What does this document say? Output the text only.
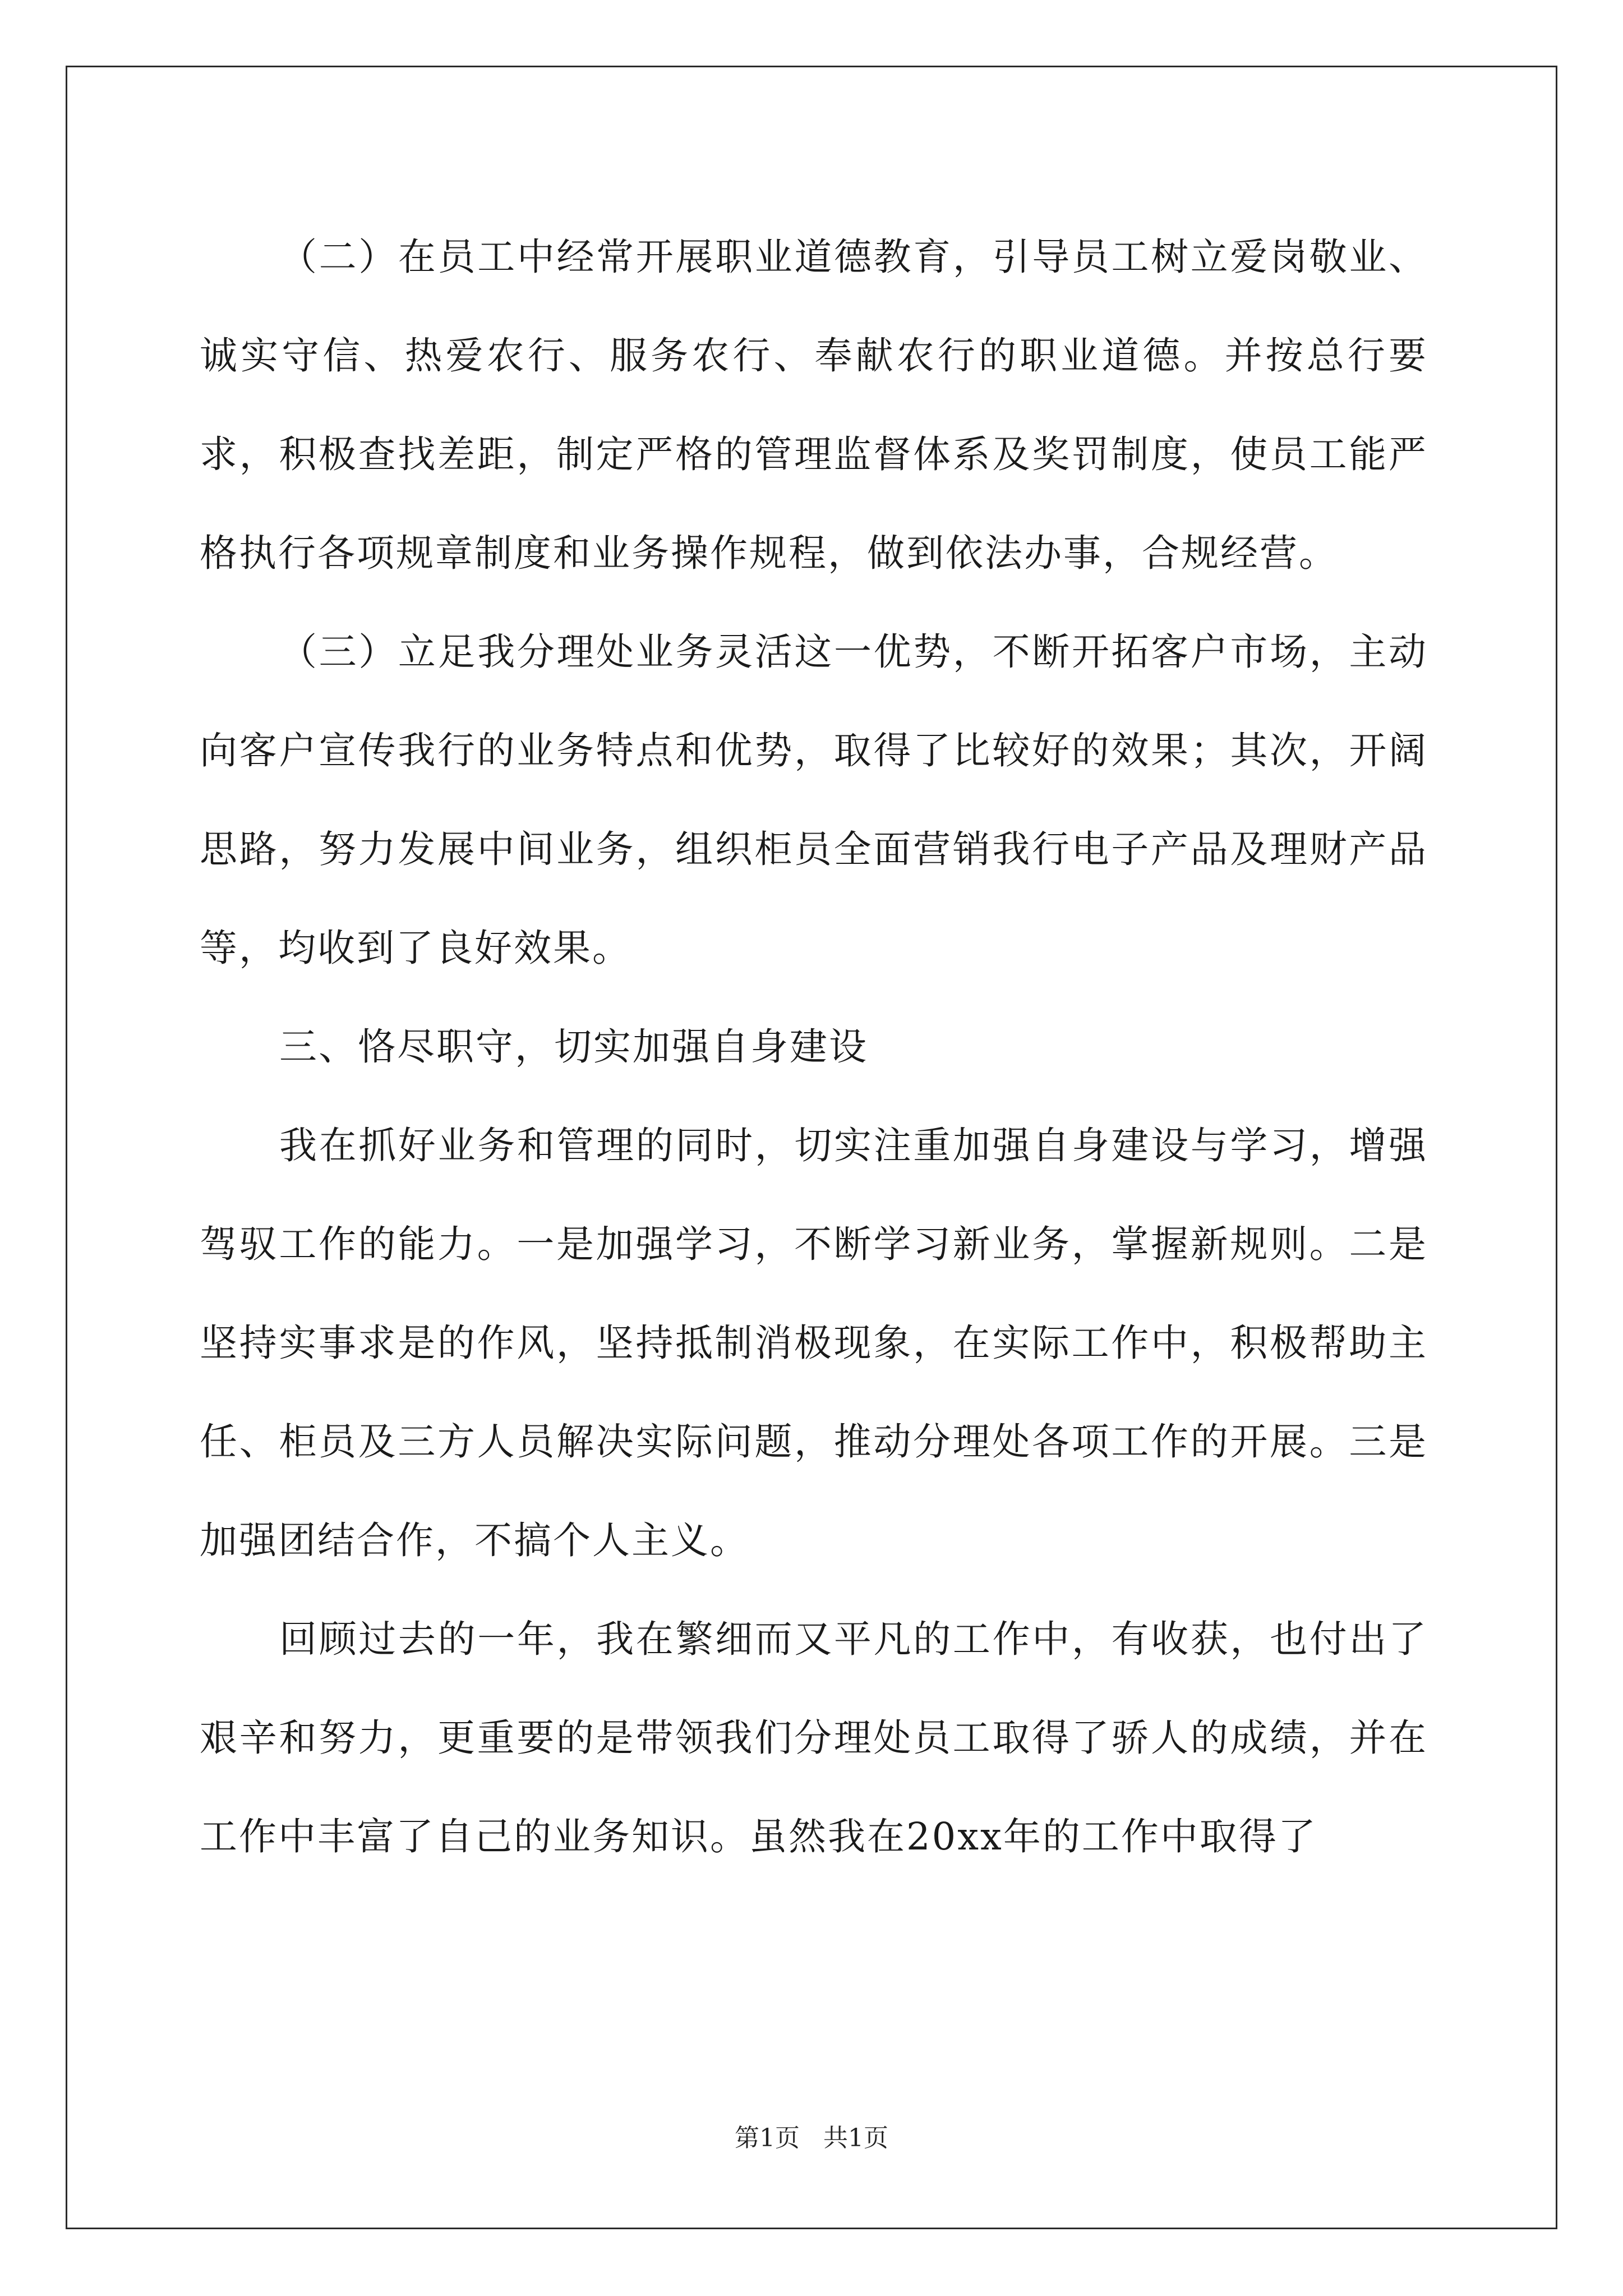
（二）在员工中经常开展职业道德教育，引导员工树立爱岗敬业、诚实守信、热爱农行、服务农行、奉献农行的职业道德。并按总行要求，积极查找差距，制定严格的管理监督体系及奖罚制度，使员工能严格执行各项规章制度和业务操作规程，做到依法办事，合规经营。

（三）立足我分理处业务灵活这一优势，不断开拓客户市场，主动向客户宣传我行的业务特点和优势，取得了比较好的效果；其次，开阔思路，努力发展中间业务，组织柜员全面营销我行电子产品及理财产品等，均收到了良好效果。

三、恪尽职守，切实加强自身建设

我在抓好业务和管理的同时，切实注重加强自身建设与学习，增强驾驭工作的能力。一是加强学习，不断学习新业务，掌握新规则。二是坚持实事求是的作风，坚持抵制消极现象，在实际工作中，积极帮助主任、柜员及三方人员解决实际问题，推动分理处各项工作的开展。三是加强团结合作，不搞个人主义。

回顾过去的一年，我在繁细而又平凡的工作中，有收获，也付出了艰辛和努力，更重要的是带领我们分理处员工取得了骄人的成绩，并在工作中丰富了自己的业务知识。虽然我在20xx年的工作中取得了

第1页   共1页
